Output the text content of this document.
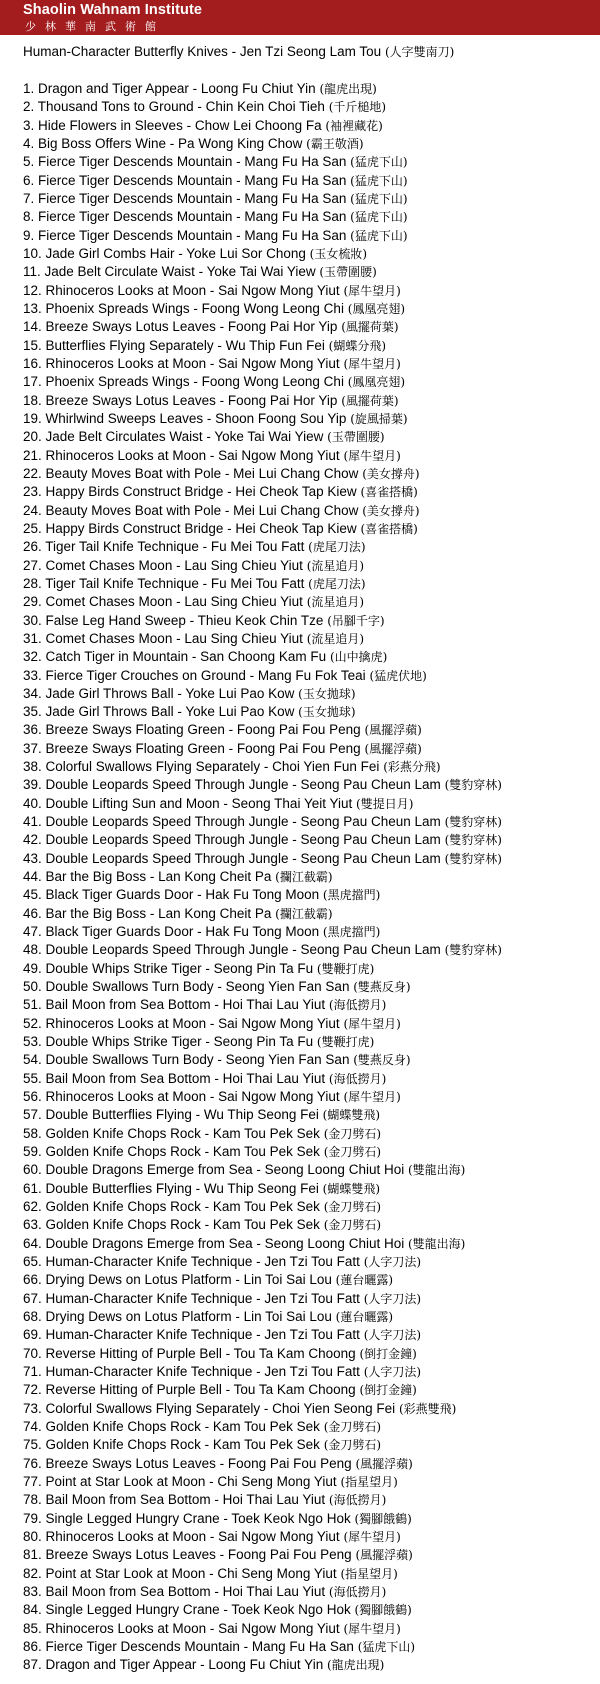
Shaolin Wahnam Institute
少林華南武術館
Human-Character Butterfly Knives - Jen Tzi Seong Lam Tou (人字雙南刀)
1. Dragon and Tiger Appear - Loong Fu Chiut Yin (龍虎出現)
2. Thousand Tons to Ground - Chin Kein Choi Tieh (千斤槌地)
3. Hide Flowers in Sleeves - Chow Lei Choong Fa (袖裡藏花)
4. Big Boss Offers Wine - Pa Wong King Chow (霸王敬酒)
5. Fierce Tiger Descends Mountain - Mang Fu Ha San (猛虎下山)
6. Fierce Tiger Descends Mountain - Mang Fu Ha San (猛虎下山)
7. Fierce Tiger Descends Mountain - Mang Fu Ha San (猛虎下山)
8. Fierce Tiger Descends Mountain - Mang Fu Ha San (猛虎下山)
9. Fierce Tiger Descends Mountain - Mang Fu Ha San (猛虎下山)
10. Jade Girl Combs Hair - Yoke Lui Sor Chong (玉女梳妝)
11. Jade Belt Circulate Waist - Yoke Tai Wai Yiew (玉帶圍腰)
12. Rhinoceros Looks at Moon - Sai Ngow Mong Yiut (犀牛望月)
13. Phoenix Spreads Wings - Foong Wong Leong Chi (鳳凰亮翅)
14. Breeze Sways Lotus Leaves - Foong Pai Hor Yip (風擺荷葉)
15. Butterflies Flying Separately - Wu Thip Fun Fei (蝴蝶分飛)
16. Rhinoceros Looks at Moon - Sai Ngow Mong Yiut (犀牛望月)
17. Phoenix Spreads Wings - Foong Wong Leong Chi (鳳凰亮翅)
18. Breeze Sways Lotus Leaves - Foong Pai Hor Yip (風擺荷葉)
19. Whirlwind Sweeps Leaves - Shoon Foong Sou Yip (旋風掃葉)
20. Jade Belt Circulates Waist - Yoke Tai Wai Yiew (玉帶圍腰)
21. Rhinoceros Looks at Moon - Sai Ngow Mong Yiut (犀牛望月)
22. Beauty Moves Boat with Pole - Mei Lui Chang Chow (美女撐舟)
23. Happy Birds Construct Bridge - Hei Cheok Tap Kiew (喜雀搭橋)
24. Beauty Moves Boat with Pole - Mei Lui Chang Chow (美女撐舟)
25. Happy Birds Construct Bridge - Hei Cheok Tap Kiew (喜雀搭橋)
26. Tiger Tail Knife Technique - Fu Mei Tou Fatt (虎尾刀法)
27. Comet Chases Moon - Lau Sing Chieu Yiut (流星追月)
28. Tiger Tail Knife Technique - Fu Mei Tou Fatt (虎尾刀法)
29. Comet Chases Moon - Lau Sing Chieu Yiut (流星追月)
30. False Leg Hand Sweep - Thieu Keok Chin Tze (吊腳千字)
31. Comet Chases Moon - Lau Sing Chieu Yiut (流星追月)
32. Catch Tiger in Mountain - San Choong Kam Fu (山中擒虎)
33. Fierce Tiger Crouches on Ground - Mang Fu Fok Teai (猛虎伏地)
34. Jade Girl Throws Ball - Yoke Lui Pao Kow (玉女拋球)
35. Jade Girl Throws Ball - Yoke Lui Pao Kow (玉女拋球)
36. Breeze Sways Floating Green - Foong Pai Fou Peng (風擺浮蘋)
37. Breeze Sways Floating Green - Foong Pai Fou Peng (風擺浮蘋)
38. Colorful Swallows Flying Separately - Choi Yien Fun Fei (彩燕分飛)
39. Double Leopards Speed Through Jungle - Seong Pau Cheun Lam (雙豹穿林)
40. Double Lifting Sun and Moon - Seong Thai Yeit Yiut (雙提日月)
41. Double Leopards Speed Through Jungle - Seong Pau Cheun Lam (雙豹穿林)
42. Double Leopards Speed Through Jungle - Seong Pau Cheun Lam (雙豹穿林)
43. Double Leopards Speed Through Jungle - Seong Pau Cheun Lam (雙豹穿林)
44. Bar the Big Boss - Lan Kong Cheit Pa (攔江截霸)
45. Black Tiger Guards Door - Hak Fu Tong Moon (黑虎擋門)
46. Bar the Big Boss - Lan Kong Cheit Pa (攔江截霸)
47. Black Tiger Guards Door - Hak Fu Tong Moon (黑虎擋門)
48. Double Leopards Speed Through Jungle - Seong Pau Cheun Lam (雙豹穿林)
49. Double Whips Strike Tiger - Seong Pin Ta Fu (雙鞭打虎)
50. Double Swallows Turn Body - Seong Yien Fan San (雙燕反身)
51. Bail Moon from Sea Bottom - Hoi Thai Lau Yiut (海低撈月)
52. Rhinoceros Looks at Moon - Sai Ngow Mong Yiut (犀牛望月)
53. Double Whips Strike Tiger - Seong Pin Ta Fu (雙鞭打虎)
54. Double Swallows Turn Body - Seong Yien Fan San (雙燕反身)
55. Bail Moon from Sea Bottom - Hoi Thai Lau Yiut (海低撈月)
56. Rhinoceros Looks at Moon - Sai Ngow Mong Yiut (犀牛望月)
57. Double Butterflies Flying - Wu Thip Seong Fei (蝴蝶雙飛)
58. Golden Knife Chops Rock - Kam Tou Pek Sek (金刀劈石)
59. Golden Knife Chops Rock - Kam Tou Pek Sek (金刀劈石)
60. Double Dragons Emerge from Sea - Seong Loong Chiut Hoi (雙龍出海)
61. Double Butterflies Flying - Wu Thip Seong Fei (蝴蝶雙飛)
62. Golden Knife Chops Rock - Kam Tou Pek Sek (金刀劈石)
63. Golden Knife Chops Rock - Kam Tou Pek Sek (金刀劈石)
64. Double Dragons Emerge from Sea - Seong Loong Chiut Hoi (雙龍出海)
65. Human-Character Knife Technique - Jen Tzi Tou Fatt (人字刀法)
66. Drying Dews on Lotus Platform - Lin Toi Sai Lou (蓮台曬露)
67. Human-Character Knife Technique - Jen Tzi Tou Fatt (人字刀法)
68. Drying Dews on Lotus Platform - Lin Toi Sai Lou (蓮台曬露)
69. Human-Character Knife Technique - Jen Tzi Tou Fatt (人字刀法)
70. Reverse Hitting of Purple Bell - Tou Ta Kam Choong (倒打金鐘)
71. Human-Character Knife Technique - Jen Tzi Tou Fatt (人字刀法)
72. Reverse Hitting of Purple Bell - Tou Ta Kam Choong (倒打金鐘)
73. Colorful Swallows Flying Separately - Choi Yien Seong Fei (彩燕雙飛)
74. Golden Knife Chops Rock - Kam Tou Pek Sek (金刀劈石)
75. Golden Knife Chops Rock - Kam Tou Pek Sek (金刀劈石)
76. Breeze Sways Lotus Leaves - Foong Pai Fou Peng (風擺浮蘋)
77. Point at Star Look at Moon - Chi Seng Mong Yiut (指星望月)
78. Bail Moon from Sea Bottom - Hoi Thai Lau Yiut (海低撈月)
79. Single Legged Hungry Crane - Toek Keok Ngo Hok (獨腳餓鶴)
80. Rhinoceros Looks at Moon - Sai Ngow Mong Yiut (犀牛望月)
81. Breeze Sways Lotus Leaves - Foong Pai Fou Peng (風擺浮蘋)
82. Point at Star Look at Moon - Chi Seng Mong Yiut (指星望月)
83. Bail Moon from Sea Bottom - Hoi Thai Lau Yiut (海低撈月)
84. Single Legged Hungry Crane - Toek Keok Ngo Hok (獨腳餓鶴)
85. Rhinoceros Looks at Moon - Sai Ngow Mong Yiut (犀牛望月)
86. Fierce Tiger Descends Mountain - Mang Fu Ha San (猛虎下山)
87. Dragon and Tiger Appear - Loong Fu Chiut Yin (龍虎出現)
